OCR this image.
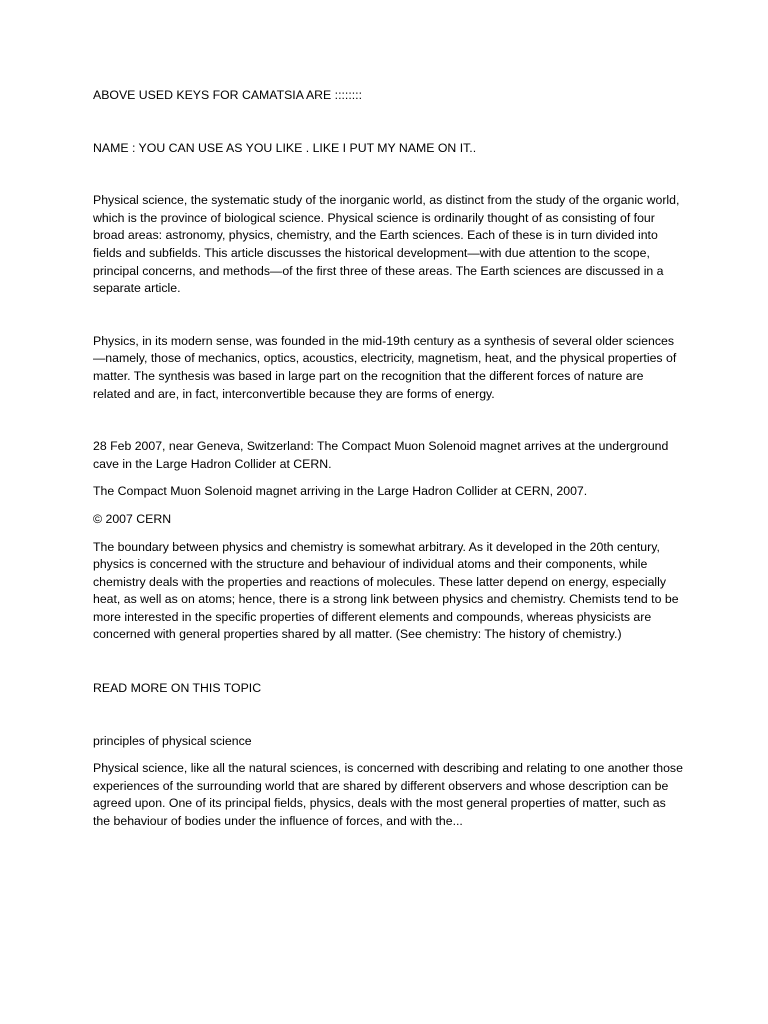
ABOVE USED KEYS FOR CAMATSIA ARE ::::::::

NAME : YOU CAN USE AS YOU LIKE . LIKE I PUT MY NAME ON IT..

Physical science, the systematic study of the inorganic world, as distinct from the study of the organic world, which is the province of biological science. Physical science is ordinarily thought of as consisting of four broad areas: astronomy, physics, chemistry, and the Earth sciences. Each of these is in turn divided into fields and subfields. This article discusses the historical development—with due attention to the scope, principal concerns, and methods—of the first three of these areas. The Earth sciences are discussed in a separate article.

Physics, in its modern sense, was founded in the mid-19th century as a synthesis of several older sciences—namely, those of mechanics, optics, acoustics, electricity, magnetism, heat, and the physical properties of matter. The synthesis was based in large part on the recognition that the different forces of nature are related and are, in fact, interconvertible because they are forms of energy.

28 Feb 2007, near Geneva, Switzerland: The Compact Muon Solenoid magnet arrives at the underground cave in the Large Hadron Collider at CERN.

The Compact Muon Solenoid magnet arriving in the Large Hadron Collider at CERN, 2007.

© 2007 CERN

The boundary between physics and chemistry is somewhat arbitrary. As it developed in the 20th century, physics is concerned with the structure and behaviour of individual atoms and their components, while chemistry deals with the properties and reactions of molecules. These latter depend on energy, especially heat, as well as on atoms; hence, there is a strong link between physics and chemistry. Chemists tend to be more interested in the specific properties of different elements and compounds, whereas physicists are concerned with general properties shared by all matter. (See chemistry: The history of chemistry.)

READ MORE ON THIS TOPIC

principles of physical science

Physical science, like all the natural sciences, is concerned with describing and relating to one another those experiences of the surrounding world that are shared by different observers and whose description can be agreed upon. One of its principal fields, physics, deals with the most general properties of matter, such as the behaviour of bodies under the influence of forces, and with the...
